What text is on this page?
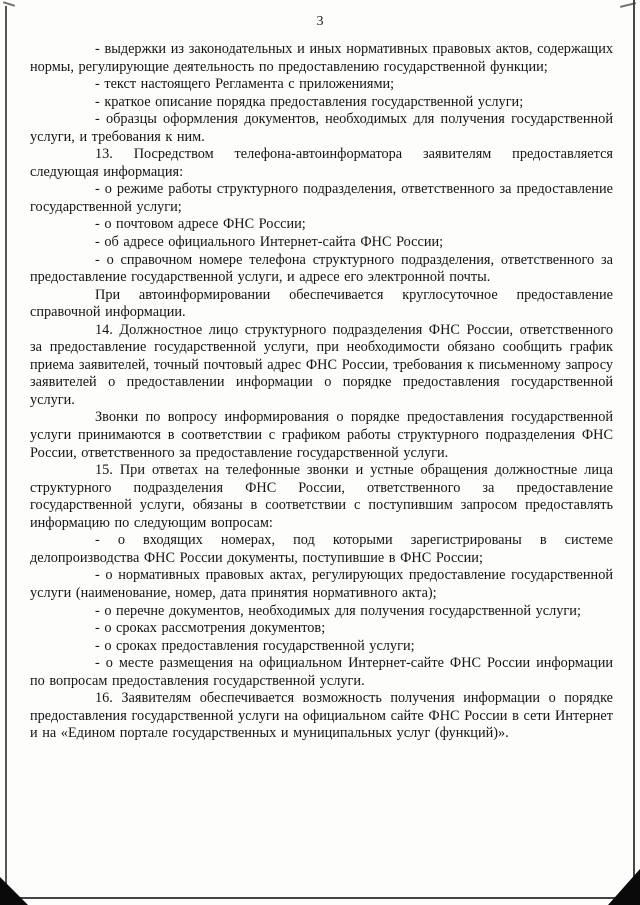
3

- выдержки из законодательных и иных нормативных правовых актов, содержащих нормы, регулирующие деятельность по предоставлению государственной функции;

- текст настоящего Регламента с приложениями;

- краткое описание порядка предоставления государственной услуги;

- образцы оформления документов, необходимых для получения государственной услуги, и требования к ним.

13. Посредством телефона-автоинформатора заявителям предоставляется следующая информация:

- о режиме работы структурного подразделения, ответственного за предоставление государственной услуги;

- о почтовом адресе ФНС России;

- об адресе официального Интернет-сайта ФНС России;

- о справочном номере телефона структурного подразделения, ответственного за предоставление государственной услуги, и адресе его электронной почты.

При автоинформировании обеспечивается круглосуточное предоставление справочной информации.

14. Должностное лицо структурного подразделения ФНС России, ответственного за предоставление государственной услуги, при необходимости обязано сообщить график приема заявителей, точный почтовый адрес ФНС России, требования к письменному запросу заявителей о предоставлении информации о порядке предоставления государственной услуги.

Звонки по вопросу информирования о порядке предоставления государственной услуги принимаются в соответствии с графиком работы структурного подразделения ФНС России, ответственного за предоставление государственной услуги.

15. При ответах на телефонные звонки и устные обращения должностные лица структурного подразделения ФНС России, ответственного за предоставление государственной услуги, обязаны в соответствии с поступившим запросом предоставлять информацию по следующим вопросам:

- о входящих номерах, под которыми зарегистрированы в системе делопроизводства ФНС России документы, поступившие в ФНС России;

- о нормативных правовых актах, регулирующих предоставление государственной услуги (наименование, номер, дата принятия нормативного акта);

- о перечне документов, необходимых для получения государственной услуги;

- о сроках рассмотрения документов;

- о сроках предоставления государственной услуги;

- о месте размещения на официальном Интернет-сайте ФНС России информации по вопросам предоставления государственной услуги.

16. Заявителям обеспечивается возможность получения информации о порядке предоставления государственной услуги на официальном сайте ФНС России в сети Интернет и на «Едином портале государственных и муниципальных услуг (функций)».
